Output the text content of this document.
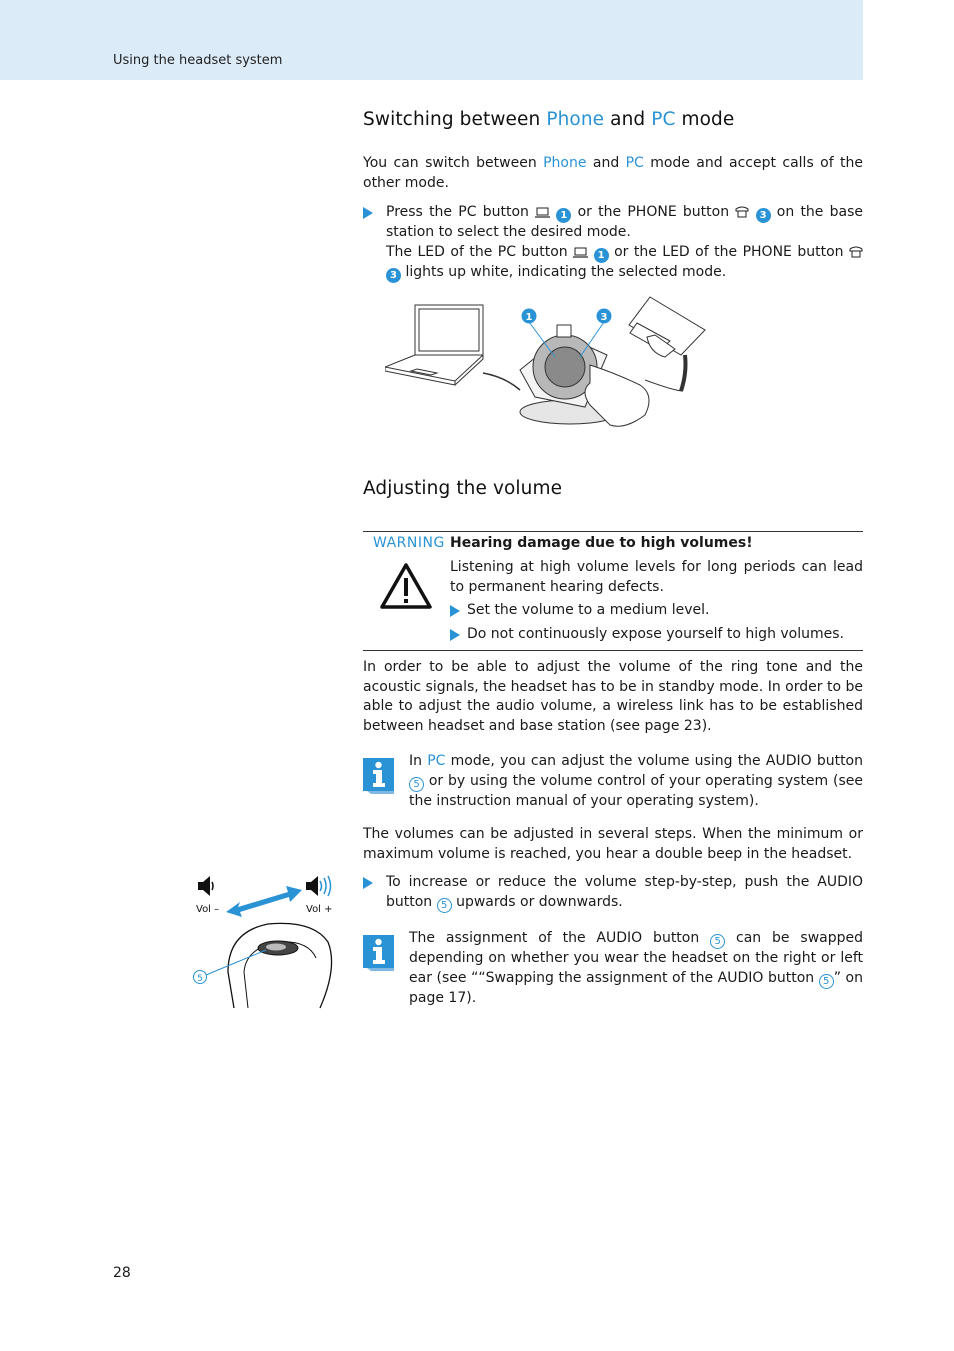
Using the headset system
Switching between Phone and PC mode

You can switch between Phone and PC mode and accept calls of the other mode.

Press the PC button	1 or the PHONE button	3 on the base station to select the desired mode.
The LED of the PC button	1 or the LED of the PHONE button  3 lights up white, indicating the selected mode.
1	3
Adjusting the volume
WARNING Hearing damage due to high volumes!

Listening at high volume levels for long periods can lead to permanent hearing defects.

Set the volume to a medium level.
Do not continuously expose yourself to high volumes.

In order to be able to adjust the volume of the ring tone and the acoustic signals, the headset has to be in standby mode. In order to be able to adjust the audio volume, a wireless link has to be established between headset and base station (see page 23).

In PC mode, you can adjust the volume using the AUDIO button 5 or by using the volume control of your operating system (see the instruction manual of your operating system).

The volumes can be adjusted in several steps. When the minimum or maximum volume is reached, you hear a double beep in the headset.

To increase or reduce the volume step-by-step, push the AUDIO button 5 upwards or downwards.

The assignment of the AUDIO button 5 can be swapped depending on whether you wear the headset on the right or left ear (see ““Swapping the assignment of the AUDIO button 5 ” on page 17).

Vol –	Vol +
5
28
